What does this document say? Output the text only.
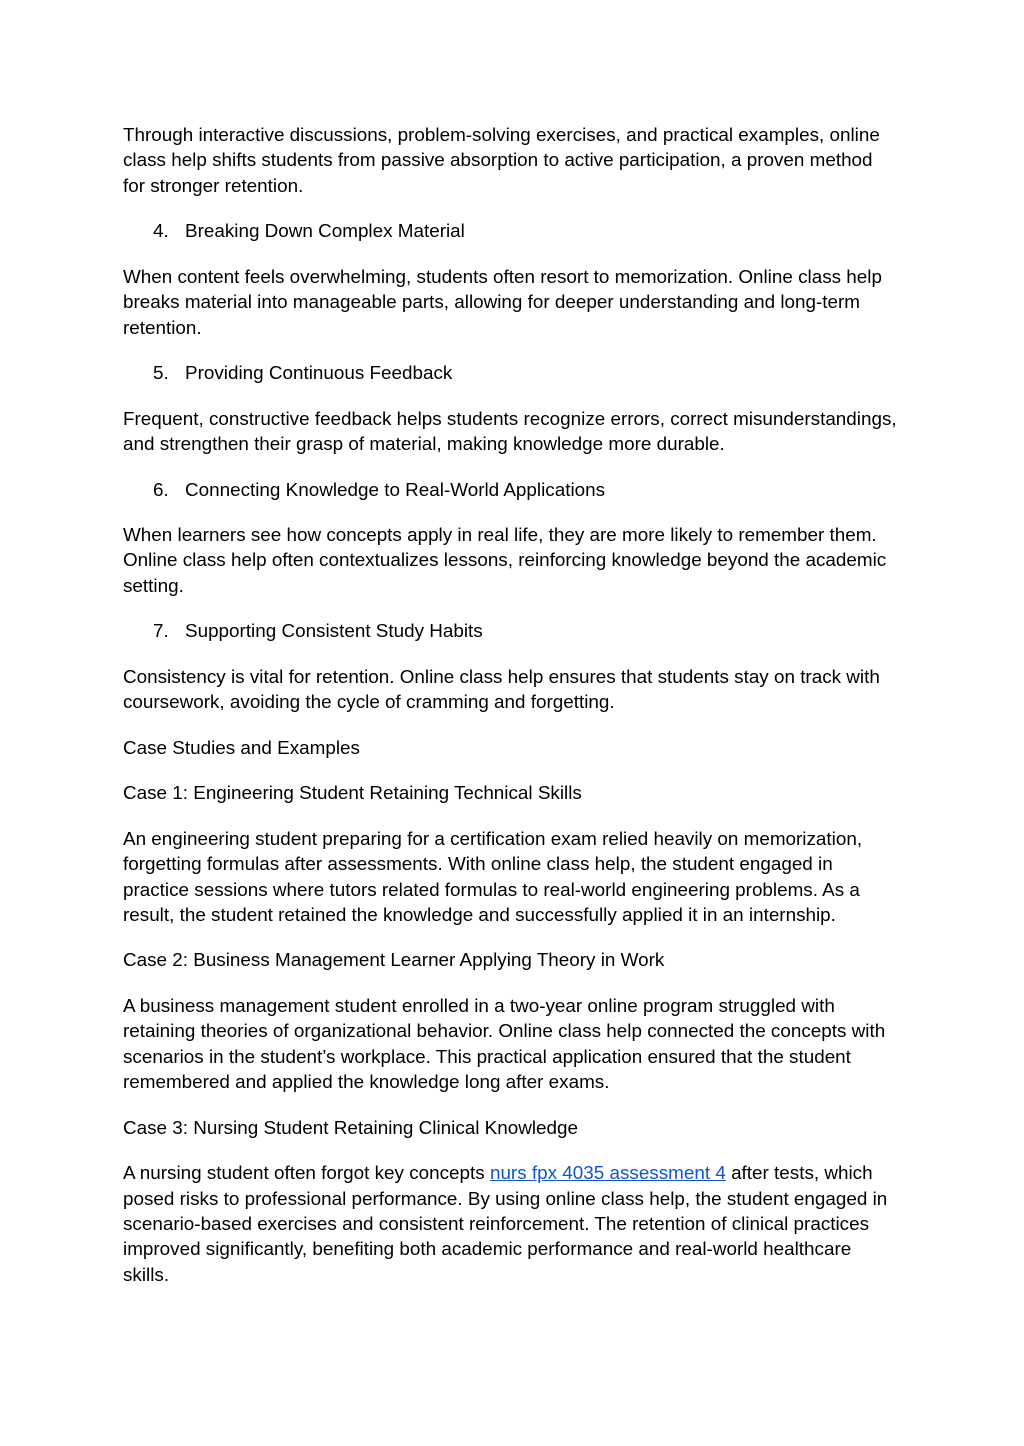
Through interactive discussions, problem-solving exercises, and practical examples, online class help shifts students from passive absorption to active participation, a proven method for stronger retention.

4. Breaking Down Complex Material

When content feels overwhelming, students often resort to memorization. Online class help breaks material into manageable parts, allowing for deeper understanding and long-term retention.

5. Providing Continuous Feedback

Frequent, constructive feedback helps students recognize errors, correct misunderstandings, and strengthen their grasp of material, making knowledge more durable.

6. Connecting Knowledge to Real-World Applications

When learners see how concepts apply in real life, they are more likely to remember them. Online class help often contextualizes lessons, reinforcing knowledge beyond the academic setting.

7. Supporting Consistent Study Habits

Consistency is vital for retention. Online class help ensures that students stay on track with coursework, avoiding the cycle of cramming and forgetting.

Case Studies and Examples

Case 1: Engineering Student Retaining Technical Skills

An engineering student preparing for a certification exam relied heavily on memorization, forgetting formulas after assessments. With online class help, the student engaged in practice sessions where tutors related formulas to real-world engineering problems. As a result, the student retained the knowledge and successfully applied it in an internship.

Case 2: Business Management Learner Applying Theory in Work

A business management student enrolled in a two-year online program struggled with retaining theories of organizational behavior. Online class help connected the concepts with scenarios in the student’s workplace. This practical application ensured that the student remembered and applied the knowledge long after exams.

Case 3: Nursing Student Retaining Clinical Knowledge

A nursing student often forgot key concepts nurs fpx 4035 assessment 4 after tests, which posed risks to professional performance. By using online class help, the student engaged in scenario-based exercises and consistent reinforcement. The retention of clinical practices improved significantly, benefiting both academic performance and real-world healthcare skills.
